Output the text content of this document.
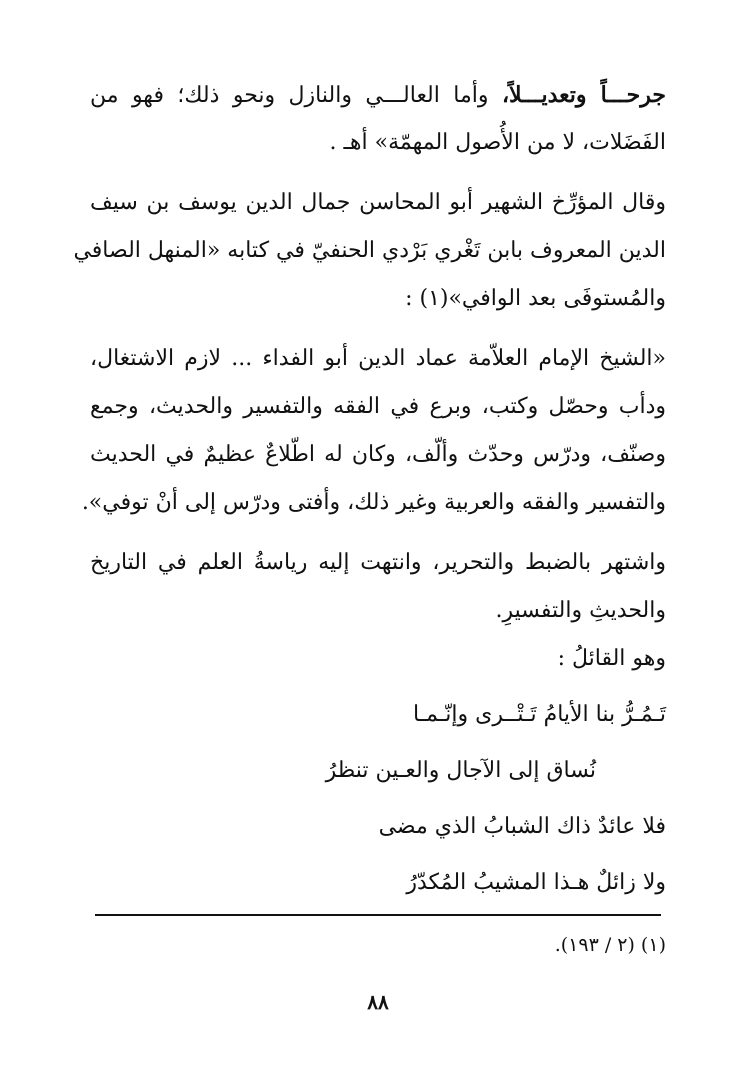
جرحـــاً وتعديـــلاً، وأما العالـــي والنازل ونحو ذلك؛ فهو من
الفَضَلات، لا من الأُصول المهمّة» أهـ .
وقال المؤرِّخ الشهير أبو المحاسن جمال الدين يوسف بن سيف
الدين المعروف بابن تَغْري بَرْدي الحنفيّ في كتابه «المنهل الصافي
والمُستوفَى بعد الوافي»(١) :
«الشيخ الإمام العلاّمة عماد الدين أبو الفداء ... لازم الاشتغال،
ودأب وحصّل وكتب، وبرع في الفقه والتفسير والحديث، وجمع
وصنّف، ودرّس وحدّث وألّف، وكان له اطّلاعٌ عظيمٌ في الحديث
والتفسير والفقه والعربية وغير ذلك، وأفتى ودرّس إلى أنْ توفي».
واشتهر بالضبط والتحرير، وانتهت إليه رياسةُ العلم في التاريخ
والحديثِ والتفسيرِ.
وهو القائلُ :
تَـمُـرُّ بنا الأيامُ تَـتْــرى وإنّـمـا
نُساق إلى الآجال والعـين تنظرُ
فلا عائدٌ ذاك الشبابُ الذي مضى
ولا زائلٌ هـذا المشيبُ المُكدّرُ
(١) (٢ / ١٩٣).
٨٨
